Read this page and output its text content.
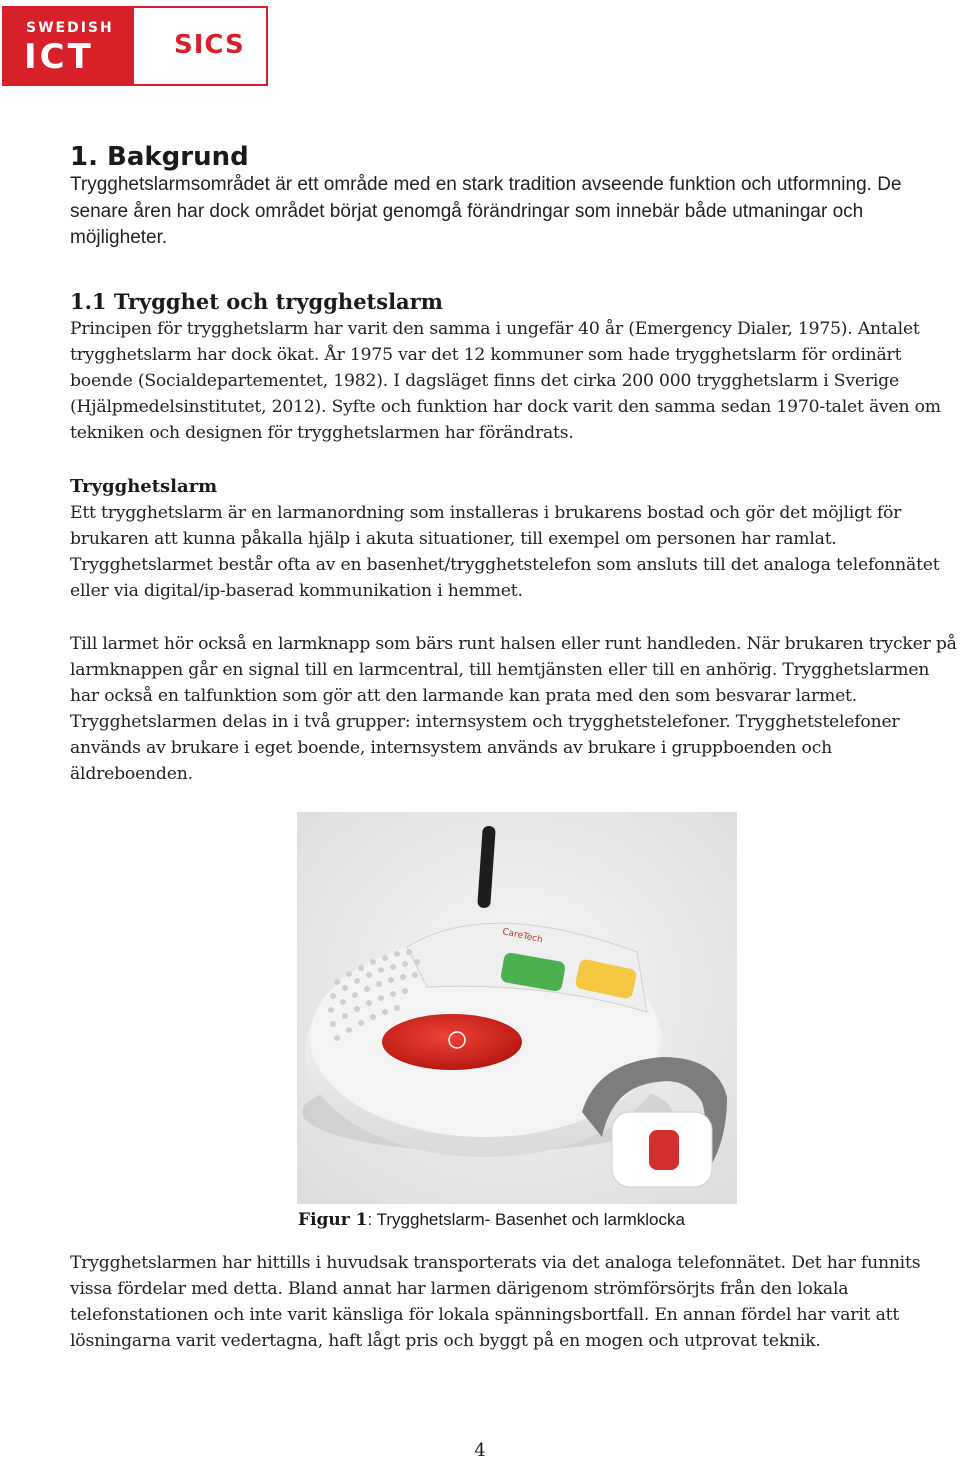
SWEDISH
ICT	SICS
1. Bakgrund

Trygghetslarmsområdet är ett område med en stark tradition avseende funktion och utformning. De senare åren har dock området börjat genomgå förändringar som innebär både utmaningar och möjligheter.

1.1 Trygghet och trygghetslarm

Principen för trygghetslarm har varit den samma i ungefär 40 år (Emergency Dialer, 1975). Antalet trygghetslarm har dock ökat. År 1975 var det 12 kommuner som hade trygghetslarm för ordinärt boende (Socialdepartementet, 1982). I dagsläget finns det cirka 200 000 trygghetslarm i Sverige (Hjälpmedelsinstitutet, 2012). Syfte och funktion har dock varit den samma sedan 1970-talet även om tekniken och designen för trygghetslarmen har förändrats.

Trygghetslarm

Ett trygghetslarm är en larmanordning som installeras i brukarens bostad och gör det möjligt för brukaren att kunna påkalla hjälp i akuta situationer, till exempel om personen har ramlat. Trygghetslarmet består ofta av en basenhet/trygghetstelefon som ansluts till det analoga telefonnätet eller via digital/ip-baserad kommunikation i hemmet.

Till larmet hör också en larmknapp som bärs runt halsen eller runt handleden. När brukaren trycker på larmknappen går en signal till en larmcentral, till hemtjänsten eller till en anhörig. Trygghetslarmen har också en talfunktion som gör att den larmande kan prata med den som besvarar larmet. Trygghetslarmen delas in i två grupper: internsystem och trygghetstelefoner. Trygghetstelefoner används av brukare i eget boende, internsystem används av brukare i gruppboenden och äldreboenden.

CareTech
Figur 1: Trygghetslarm- Basenhet och larmklocka

Trygghetslarmen har hittills i huvudsak transporterats via det analoga telefonnätet. Det har funnits vissa fördelar med detta. Bland annat har larmen därigenom strömförsörjts från den lokala telefonstationen och inte varit känsliga för lokala spänningsbortfall. En annan fördel har varit att lösningarna varit vedertagna, haft lågt pris och byggt på en mogen och utprovat teknik.

4
